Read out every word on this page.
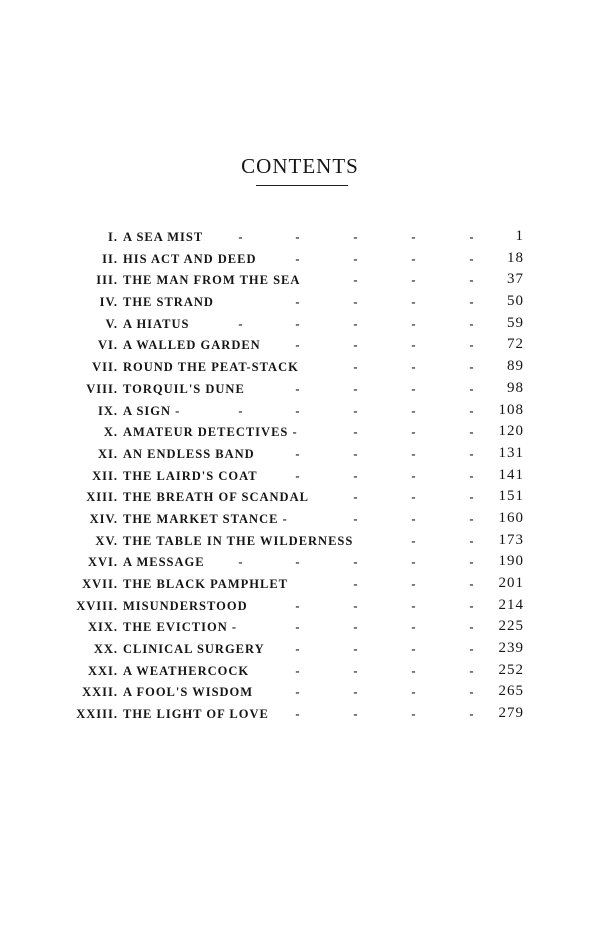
CONTENTS
I. A SEA MIST	-	-	-	-	-	1
II. HIS ACT AND DEED	-	-	-	- 18
III. THE MAN FROM THE SEA	-	-	- 37
IV. THE STRAND	-	-	-	- 50
V. A HIATUS	-	-	-	-	- 59
VI. A WALLED GARDEN	-	-	-	- 72
VII. ROUND THE PEAT-STACK	-	-	- 89
VIII. TORQUIL'S DUNE	-	-	-	- 98
IX. A SIGN -	-	-	-	-	- 108
X. AMATEUR DETECTIVES -	-	-	- 120
XI. AN ENDLESS BAND	-	-	-	- 131
XII. THE LAIRD'S COAT	-	-	-	- 141
XIII. THE BREATH OF SCANDAL	-	-	- 151
XIV. THE MARKET STANCE -	-	-	- 160
XV. THE TABLE IN THE WILDERNESS	-	- 173
XVI. A MESSAGE	-	-	-	-	- 190
XVII. THE BLACK PAMPHLET	-	-	- 201
XVIII. MISUNDERSTOOD	-	-	-	- 214
XIX. THE EVICTION -	-	-	-	- 225
XX. CLINICAL SURGERY -	-	-	- 239
XXI. A WEATHERCOCK	-	-	-	- 252
XXII. A FOOL'S WISDOM	-	-	-	- 265
XXIII. THE LIGHT OF LOVE -	-	-	- 279
